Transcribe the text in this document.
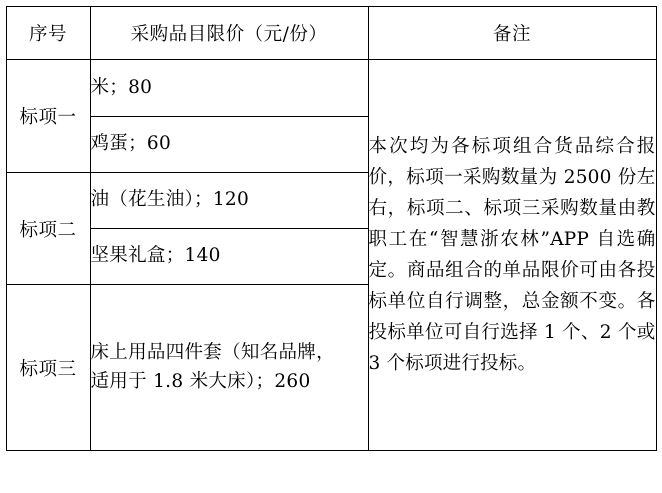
序号	采购品目限价（元/份）	备注
标项一	米；80	本次均为各标项组合货品综合报价，标项一采购数量为 2500 份左右，标项二、标项三采购数量由教职工在“智慧浙农林”APP 自选确定。商品组合的单品限价可由各投标单位自行调整，总金额不变。各投标单位可自行选择 1 个、2 个或 3 个标项进行投标。
	鸡蛋；60	
标项二	油（花生油）；120	
	坚果礼盒；140	
标项三	床上用品四件套（知名品牌，
适用于 1.8 米大床）；260	
